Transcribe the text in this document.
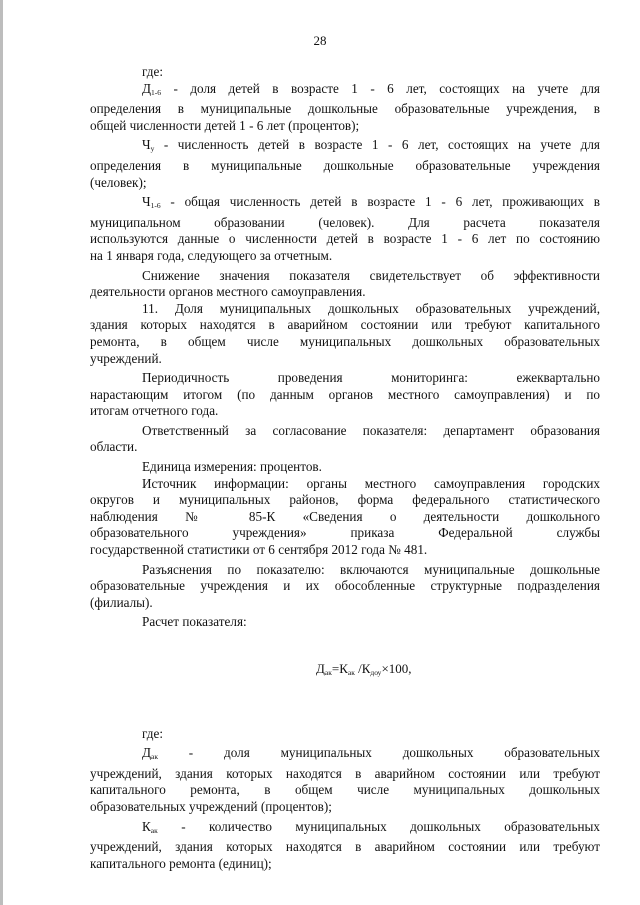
28

где:

$Д_{1-6}$ - доля детей в возрасте 1 - 6 лет, состоящих на учете для

определения в муниципальные дошкольные образовательные учреждения, в

общей численности детей 1 - 6 лет (процентов);

$Ч_у$ - численность детей в возрасте 1 - 6 лет, состоящих на учете для

определения в муниципальные дошкольные образовательные учреждения

(человек);

$Ч_{1-6}$ - общая численность детей в возрасте 1 - 6 лет, проживающих в

муниципальном образовании (человек). Для расчета показателя

используются данные о численности детей в возрасте 1 - 6 лет по состоянию

на 1 января года, следующего за отчетным.

Снижение значения показателя свидетельствует об эффективности

деятельности органов местного самоуправления.

11. Доля муниципальных дошкольных образовательных учреждений,

здания которых находятся в аварийном состоянии или требуют капитального

ремонта, в общем числе муниципальных дошкольных образовательных

учреждений.

Периодичность проведения мониторинга: ежеквартально

нарастающим итогом (по данным органов местного самоуправления) и по

итогам отчетного года.

Ответственный за согласование показателя: департамент образования

области.

Единица измерения: процентов.

Источник информации: органы местного самоуправления городских

округов и муниципальных районов, форма федерального статистического

наблюдения № 85-К «Сведения о деятельности дошкольного

образовательного учреждения» приказа Федеральной службы

государственной статистики от 6 сентября 2012 года № 481.

Разъяснения по показателю: включаются муниципальные дошкольные

образовательные учреждения и их обособленные структурные подразделения

(филиалы).

Расчет показателя:

$Д_{ак}=К_{ак}$ $/К_{доу}\times 100$,

где:

$Д_{ак}$ - доля муниципальных дошкольных образовательных

учреждений, здания которых находятся в аварийном состоянии или требуют

капитального ремонта, в общем числе муниципальных дошкольных

образовательных учреждений (процентов);

$К_{ак}$ - количество муниципальных дошкольных образовательных

учреждений, здания которых находятся в аварийном состоянии или требуют

капитального ремонта (единиц);
